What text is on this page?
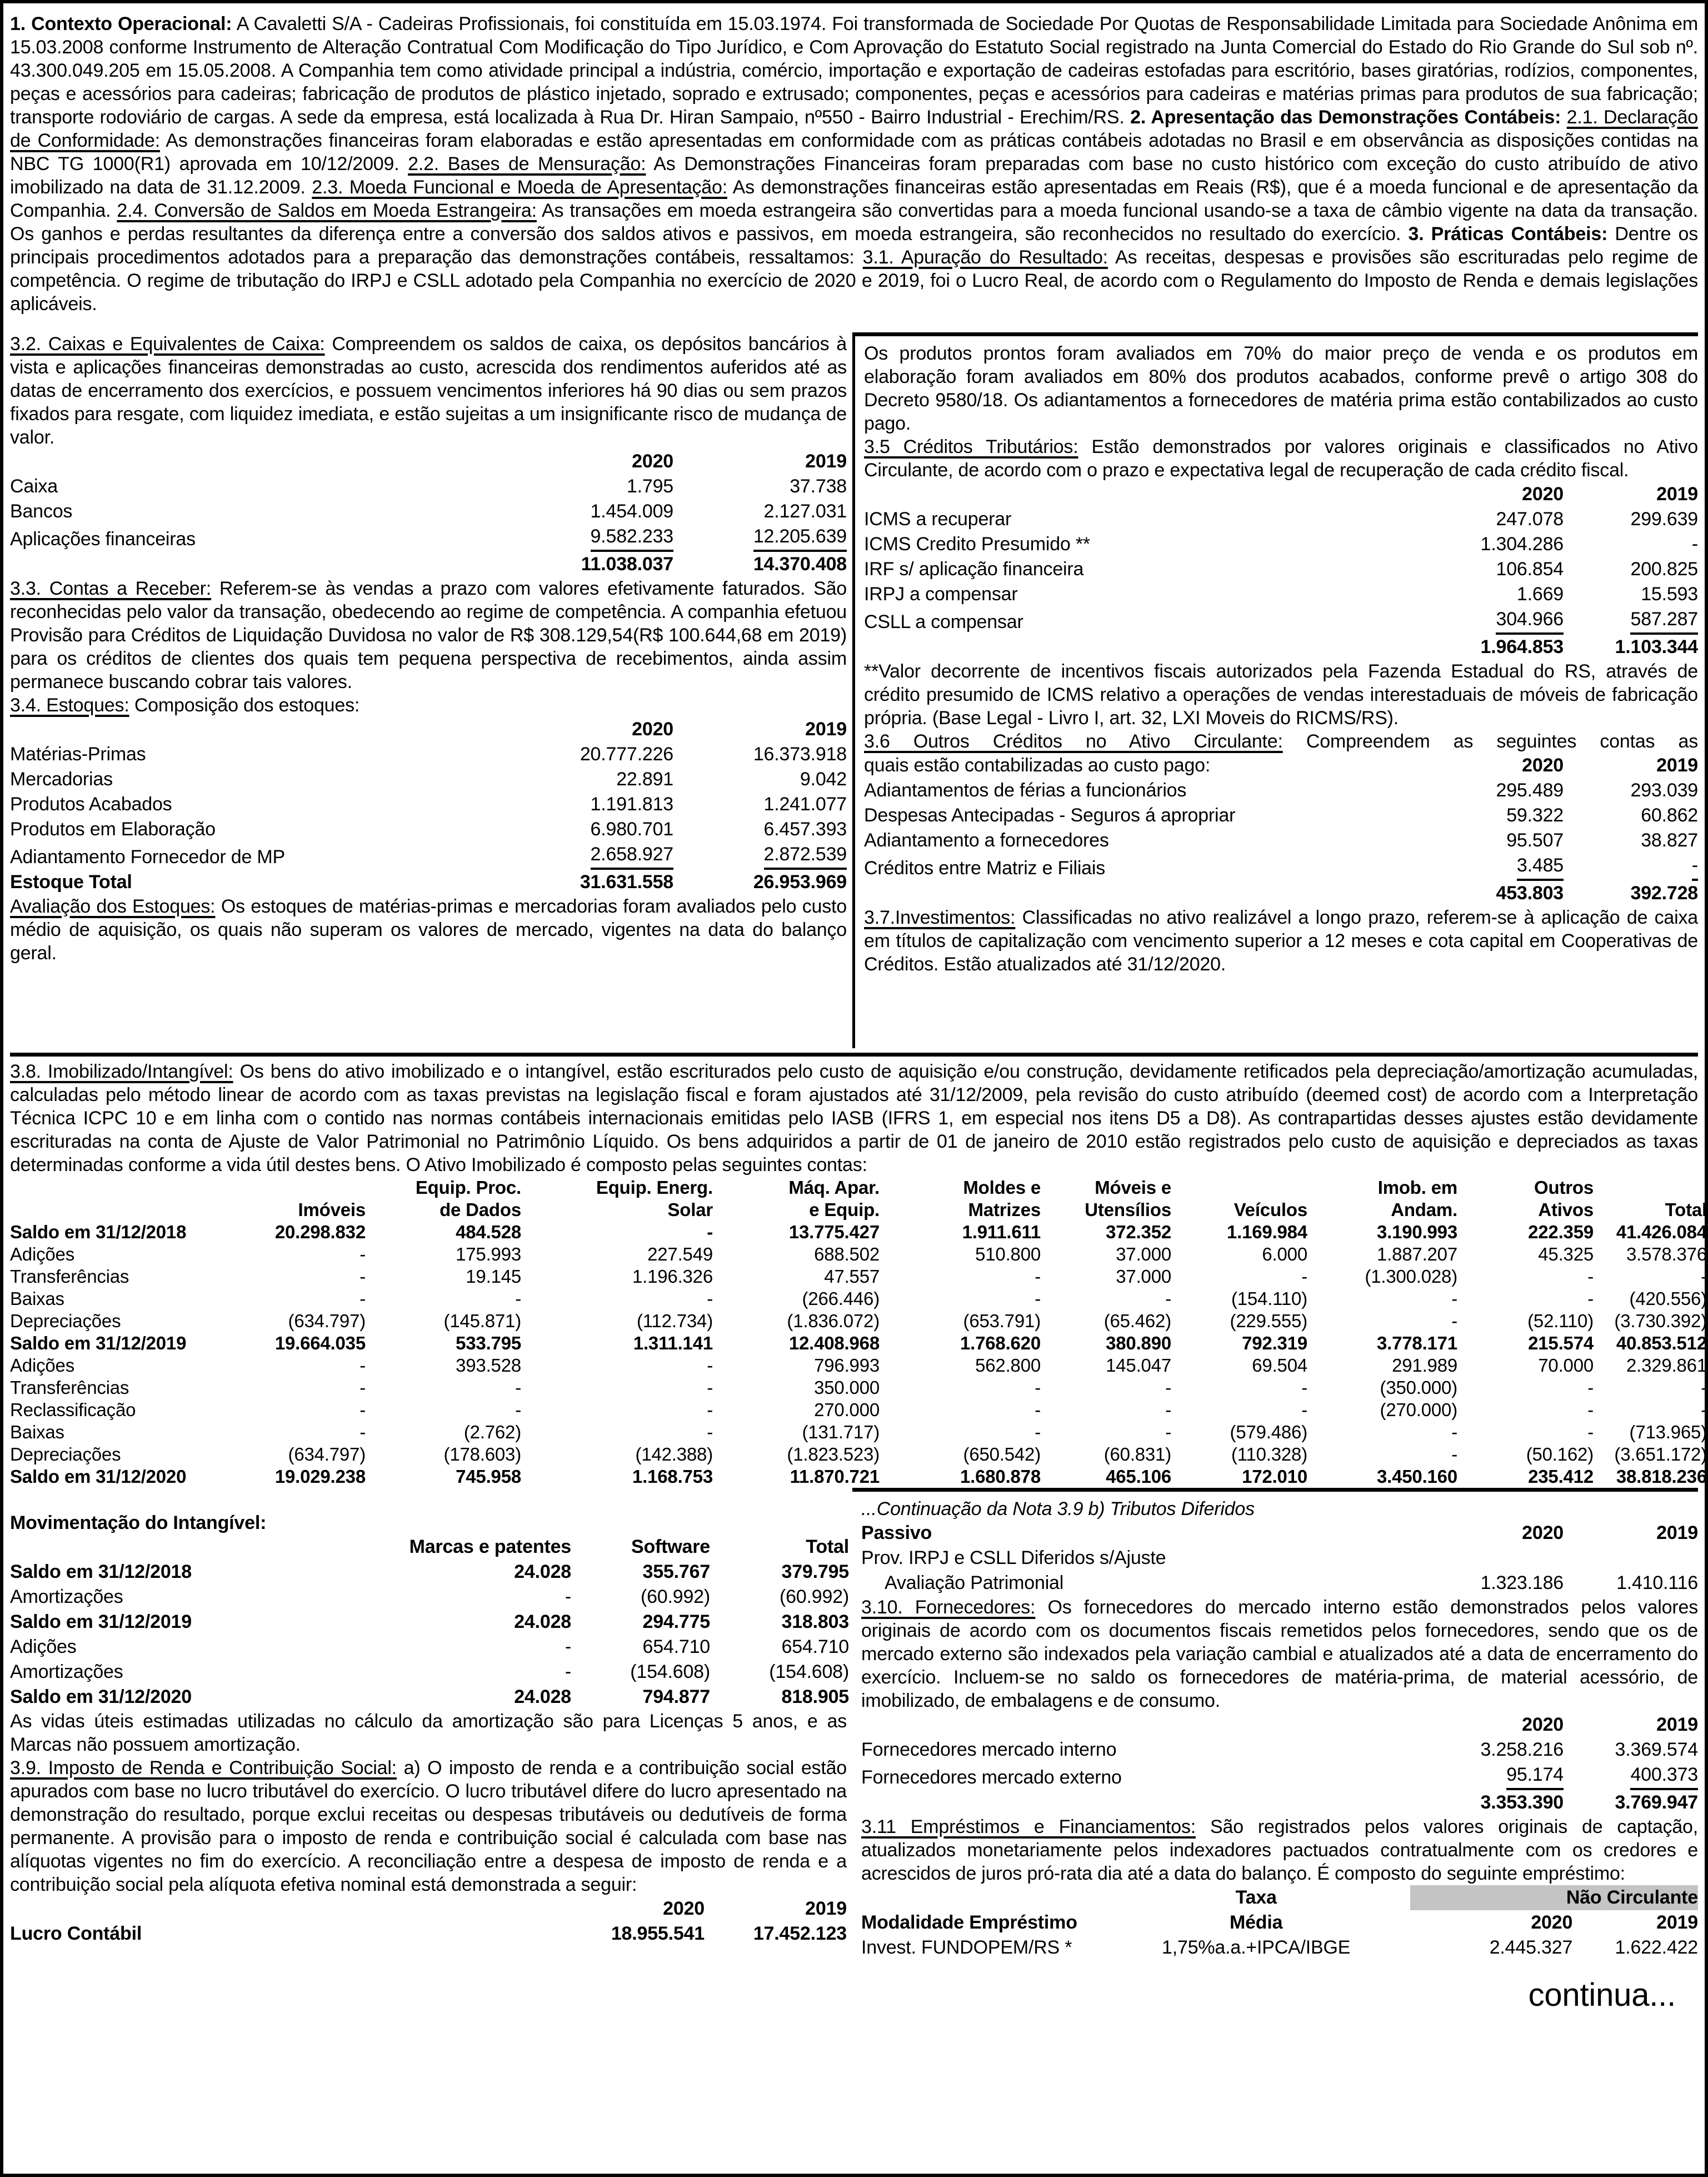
1. Contexto Operacional: A Cavaletti S/A - Cadeiras Profissionais, foi constituída em 15.03.1974. Foi transformada de Sociedade Por Quotas de Responsabilidade Limitada para Sociedade Anônima em 15.03.2008 conforme Instrumento de Alteração Contratual Com Modificação do Tipo Jurídico, e Com Aprovação do Estatuto Social registrado na Junta Comercial do Estado do Rio Grande do Sul sob nº. 43.300.049.205 em 15.05.2008. A Companhia tem como atividade principal a indústria, comércio, importação e exportação de cadeiras estofadas para escritório, bases giratórias, rodízios, componentes, peças e acessórios para cadeiras; fabricação de produtos de plástico injetado, soprado e extrusado; componentes, peças e acessórios para cadeiras e matérias primas para produtos de sua fabricação; transporte rodoviário de cargas. A sede da empresa, está localizada à Rua Dr. Hiran Sampaio, nº550 - Bairro Industrial - Erechim/RS. 2. Apresentação das Demonstrações Contábeis: 2.1. Declaração de Conformidade: As demonstrações financeiras foram elaboradas e estão apresentadas em conformidade com as práticas contábeis adotadas no Brasil e em observância as disposições contidas na NBC TG 1000(R1) aprovada em 10/12/2009. 2.2. Bases de Mensuração: As Demonstrações Financeiras foram preparadas com base no custo histórico com exceção do custo atribuído de ativo imobilizado na data de 31.12.2009. 2.3. Moeda Funcional e Moeda de Apresentação: As demonstrações financeiras estão apresentadas em Reais (R$), que é a moeda funcional e de apresentação da Companhia. 2.4. Conversão de Saldos em Moeda Estrangeira: As transações em moeda estrangeira são convertidas para a moeda funcional usando-se a taxa de câmbio vigente na data da transação. Os ganhos e perdas resultantes da diferença entre a conversão dos saldos ativos e passivos, em moeda estrangeira, são reconhecidos no resultado do exercício. 3. Práticas Contábeis: Dentre os principais procedimentos adotados para a preparação das demonstrações contábeis, ressaltamos: 3.1. Apuração do Resultado: As receitas, despesas e provisões são escrituradas pelo regime de competência. O regime de tributação do IRPJ e CSLL adotado pela Companhia no exercício de 2020 e 2019, foi o Lucro Real, de acordo com o Regulamento do Imposto de Renda e demais legislações aplicáveis.
3.2. Caixas e Equivalentes de Caixa: Compreendem os saldos de caixa, os depósitos bancários à vista e aplicações financeiras demonstradas ao custo, acrescida dos rendimentos auferidos até as datas de encerramento dos exercícios, e possuem vencimentos inferiores há 90 dias ou sem prazos fixados para resgate, com liquidez imediata, e estão sujeitas a um insignificante risco de mudança de valor.
	2020	2019
Caixa	1.795	37.738
Bancos	1.454.009	2.127.031
Aplicações financeiras	9.582.233	12.205.639
	11.038.037	14.370.408
3.3. Contas a Receber: Referem-se às vendas a prazo com valores efetivamente faturados. São reconhecidas pelo valor da transação, obedecendo ao regime de competência. A companhia efetuou Provisão para Créditos de Liquidação Duvidosa no valor de R$ 308.129,54(R$ 100.644,68 em 2019) para os créditos de clientes dos quais tem pequena perspectiva de recebimentos, ainda assim permanece buscando cobrar tais valores.
3.4. Estoques: Composição dos estoques:
	2020	2019
Matérias-Primas	20.777.226	16.373.918
Mercadorias	22.891	9.042
Produtos Acabados	1.191.813	1.241.077
Produtos em Elaboração	6.980.701	6.457.393
Adiantamento Fornecedor de MP	2.658.927	2.872.539
Estoque Total	31.631.558	26.953.969
Avaliação dos Estoques: Os estoques de matérias-primas e mercadorias foram avaliados pelo custo médio de aquisição, os quais não superam os valores de mercado, vigentes na data do balanço geral.
Os produtos prontos foram avaliados em 70% do maior preço de venda e os produtos em elaboração foram avaliados em 80% dos produtos acabados, conforme prevê o artigo 308 do Decreto 9580/18. Os adiantamentos a fornecedores de matéria prima estão contabilizados ao custo pago.
3.5 Créditos Tributários: Estão demonstrados por valores originais e classificados no Ativo Circulante, de acordo com o prazo e expectativa legal de recuperação de cada crédito fiscal.
	2020	2019
ICMS a recuperar	247.078	299.639
ICMS Credito Presumido **	1.304.286	-
IRF s/ aplicação financeira	106.854	200.825
IRPJ a compensar	1.669	15.593
CSLL a compensar	304.966	587.287
	1.964.853	1.103.344
**Valor decorrente de incentivos fiscais autorizados pela Fazenda Estadual do RS, através de crédito presumido de ICMS relativo a operações de vendas interestaduais de móveis de fabricação própria. (Base Legal - Livro I, art. 32, LXI Moveis do RICMS/RS).
3.6 Outros Créditos no Ativo Circulante: Compreendem as seguintes contas as
quais estão contabilizadas ao custo pago:	2020	2019
Adiantamentos de férias a funcionários	295.489	293.039
Despesas Antecipadas - Seguros á apropriar	59.322	60.862
Adiantamento a fornecedores	95.507	38.827
Créditos entre Matriz e Filiais	3.485	-
	453.803	392.728
3.7.Investimentos: Classificadas no ativo realizável a longo prazo, referem-se à aplicação de caixa em títulos de capitalização com vencimento superior a 12 meses e cota capital em Cooperativas de Créditos. Estão atualizados até 31/12/2020.
3.8. Imobilizado/Intangível: Os bens do ativo imobilizado e o intangível, estão escriturados pelo custo de aquisição e/ou construção, devidamente retificados pela depreciação/amortização acumuladas, calculadas pelo método linear de acordo com as taxas previstas na legislação fiscal e foram ajustados até 31/12/2009, pela revisão do custo atribuído (deemed cost) de acordo com a Interpretação Técnica ICPC 10 e em linha com o contido nas normas contábeis internacionais emitidas pelo IASB (IFRS 1, em especial nos itens D5 a D8). As contrapartidas desses ajustes estão devidamente escrituradas na conta de Ajuste de Valor Patrimonial no Patrimônio Líquido. Os bens adquiridos a partir de 01 de janeiro de 2010 estão registrados pelo custo de aquisição e depreciados as taxas determinadas conforme a vida útil destes bens. O Ativo Imobilizado é composto pelas seguintes contas:
		Equip. Proc.	Equip. Energ.	Máq. Apar.	Moldes e	Móveis e		Imob. em	Outros	
	Imóveis	de Dados	Solar	e Equip.	Matrizes	Utensílios	Veículos	Andam.	Ativos	Total
Saldo em 31/12/2018	20.298.832	484.528	-	13.775.427	1.911.611	372.352	1.169.984	3.190.993	222.359	41.426.084
Adições	-	175.993	227.549	688.502	510.800	37.000	6.000	1.887.207	45.325	3.578.376
Transferências	-	19.145	1.196.326	47.557	-	37.000	-	(1.300.028)	-	-
Baixas	-	-	-	(266.446)	-	-	(154.110)	-	-	(420.556)
Depreciações	(634.797)	(145.871)	(112.734)	(1.836.072)	(653.791)	(65.462)	(229.555)	-	(52.110)	(3.730.392)
Saldo em 31/12/2019	19.664.035	533.795	1.311.141	12.408.968	1.768.620	380.890	792.319	3.778.171	215.574	40.853.512
Adições	-	393.528	-	796.993	562.800	145.047	69.504	291.989	70.000	2.329.861
Transferências	-	-	-	350.000	-	-	-	(350.000)	-	-
Reclassificação	-	-	-	270.000	-	-	-	(270.000)	-	-
Baixas	-	(2.762)	-	(131.717)	-	-	(579.486)	-	-	(713.965)
Depreciações	(634.797)	(178.603)	(142.388)	(1.823.523)	(650.542)	(60.831)	(110.328)	-	(50.162)	(3.651.172)
Saldo em 31/12/2020	19.029.238	745.958	1.168.753	11.870.721	1.680.878	465.106	172.010	3.450.160	235.412	38.818.236
Movimentação do Intangível:
	Marcas e patentes	Software	Total
Saldo em 31/12/2018	24.028	355.767	379.795
Amortizações	-	(60.992)	(60.992)
Saldo em 31/12/2019	24.028	294.775	318.803
Adições	-	654.710	654.710
Amortizações	-	(154.608)	(154.608)
Saldo em 31/12/2020	24.028	794.877	818.905
As vidas úteis estimadas utilizadas no cálculo da amortização são para Licenças 5 anos, e as Marcas não possuem amortização.
3.9. Imposto de Renda e Contribuição Social: a) O imposto de renda e a contribuição social estão apurados com base no lucro tributável do exercício. O lucro tributável difere do lucro apresentado na demonstração do resultado, porque exclui receitas ou despesas tributáveis ou dedutíveis de forma permanente. A provisão para o imposto de renda e contribuição social é calculada com base nas alíquotas vigentes no fim do exercício. A reconciliação entre a despesa de imposto de renda e a contribuição social pela alíquota efetiva nominal está demonstrada a seguir:
	2020	2019
Lucro Contábil	18.955.541	17.452.123
...Continuação da Nota 3.9 b) Tributos Diferidos
Passivo	2020	2019
Prov. IRPJ e CSLL Diferidos s/Ajuste		
Avaliação Patrimonial	1.323.186	1.410.116
3.10. Fornecedores: Os fornecedores do mercado interno estão demonstrados pelos valores originais de acordo com os documentos fiscais remetidos pelos fornecedores, sendo que os de mercado externo são indexados pela variação cambial e atualizados até a data de encerramento do exercício. Incluem-se no saldo os fornecedores de matéria-prima, de material acessório, de imobilizado, de embalagens e de consumo.
	2020	2019
Fornecedores mercado interno	3.258.216	3.369.574
Fornecedores mercado externo	95.174	400.373
	3.353.390	3.769.947
3.11 Empréstimos e Financiamentos: São registrados pelos valores originais de captação, atualizados monetariamente pelos indexadores pactuados contratualmente com os credores e acrescidos de juros pró-rata dia até a data do balanço. É composto do seguinte empréstimo:
	Taxa	Não Circulante	
Modalidade Empréstimo	Média	2020	2019
Invest. FUNDOPEM/RS *	1,75%a.a.+IPCA/IBGE	2.445.327	1.622.422
continua...
